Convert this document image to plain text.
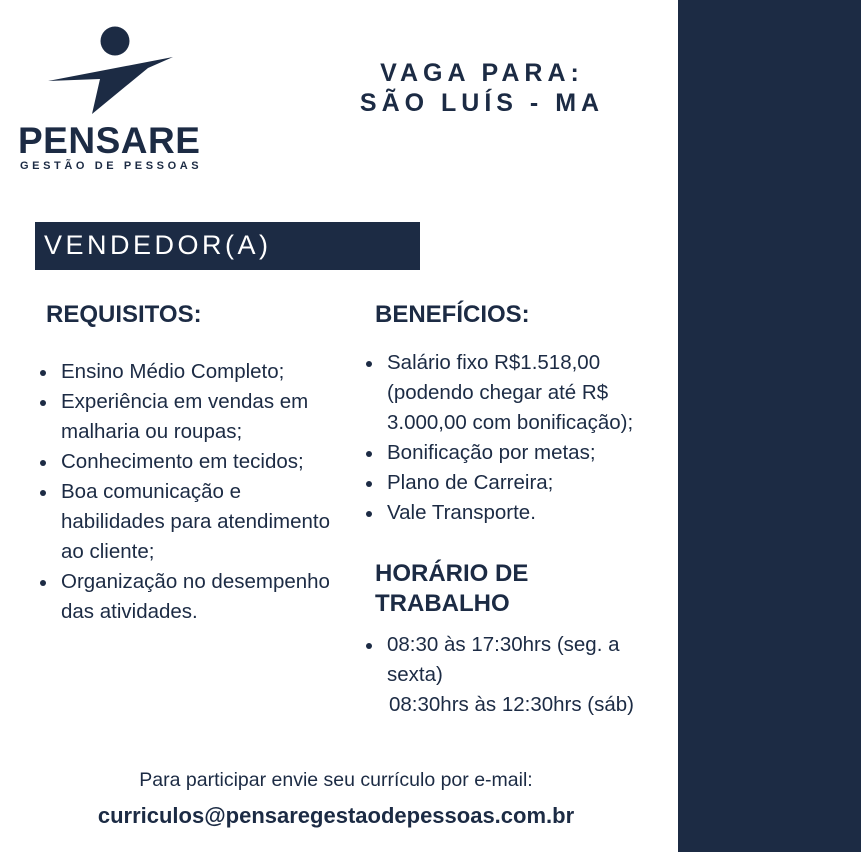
PENSARE
GESTÃO DE PESSOAS
VAGA PARA:
SÃO LUÍS - MA
VENDEDOR(A)
REQUISITOS:
Ensino Médio Completo;
Experiência em vendas em malharia ou roupas;
Conhecimento em tecidos;
Boa comunicação e habilidades para atendimento ao cliente;
Organização no desempenho das atividades.
BENEFÍCIOS:
Salário fixo R$1.518,00 (podendo chegar até R$ 3.000,00 com bonificação);
Bonificação por metas;
Plano de Carreira;
Vale Transporte.
HORÁRIO DE TRABALHO
08:30 às 17:30hrs (seg. a sexta)
08:30hrs às 12:30hrs (sáb)
Para participar envie seu currículo por e-mail:
curriculos@pensaregestaodepessoas.com.br
